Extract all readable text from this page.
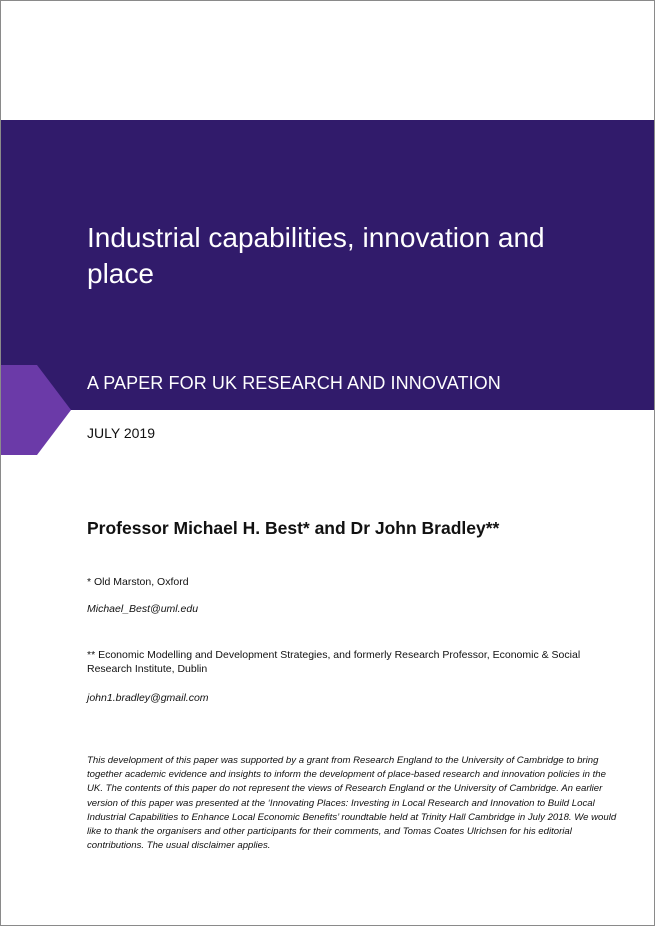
Industrial capabilities, innovation and place
A PAPER FOR UK RESEARCH AND INNOVATION
JULY 2019
Professor Michael H. Best* and Dr John Bradley**
* Old Marston, Oxford
Michael_Best@uml.edu
** Economic Modelling and Development Strategies, and formerly Research Professor, Economic & Social Research Institute, Dublin
john1.bradley@gmail.com
This development of this paper was supported by a grant from Research England to the University of Cambridge to bring together academic evidence and insights to inform the development of place-based research and innovation policies in the UK. The contents of this paper do not represent the views of Research England or the University of Cambridge. An earlier version of this paper was presented at the ‘Innovating Places: Investing in Local Research and Innovation to Build Local Industrial Capabilities to Enhance Local Economic Benefits’ roundtable held at Trinity Hall Cambridge in July 2018. We would like to thank the organisers and other participants for their comments, and Tomas Coates Ulrichsen for his editorial contributions. The usual disclaimer applies.
